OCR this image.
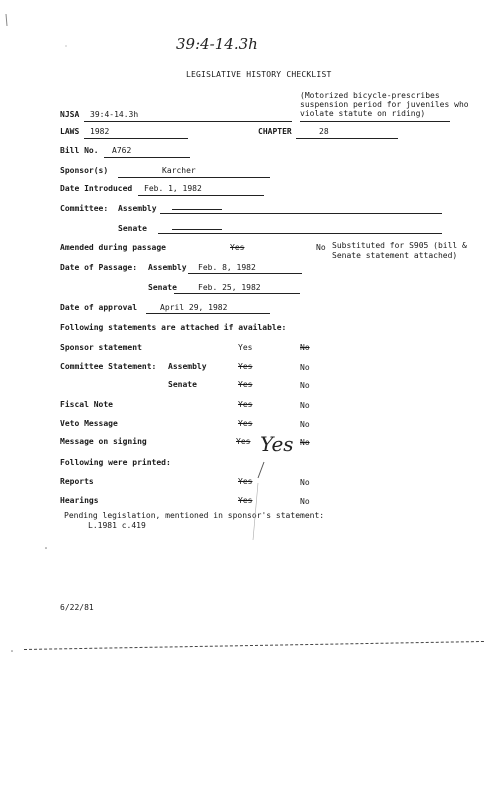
39:4-14.3h
LEGISLATIVE HISTORY CHECKLIST
(Motorized bicycle-prescribes
suspension period for juveniles who
violate statute on riding)
NJSA 39:4-14.3h
LAWS 1982	CHAPTER	28
Bill No. A762
Sponsor(s)	Karcher
Date Introduced Feb. 1, 1982
Committee: Assembly
Senate
Amended during passage	Yes	No Substituted for S905 (bill &
Senate statement attached)
Date of Passage: Assembly Feb. 8, 1982
Senate	Feb. 25, 1982
Date of approval	April 29, 1982
Following statements are attached if available:
Sponsor statement	Yes	No
Committee Statement: Assembly	Yes	No
Senate	Yes	No
Fiscal Note	Yes	No
Veto Message	Yes	No
Message on signing	Yes	No
Yes
Following were printed:
Reports	Yes	No
Hearings	Yes	No
Pending legislation, mentioned in sponsor's statement:
L.1981 c.419
6/22/81
